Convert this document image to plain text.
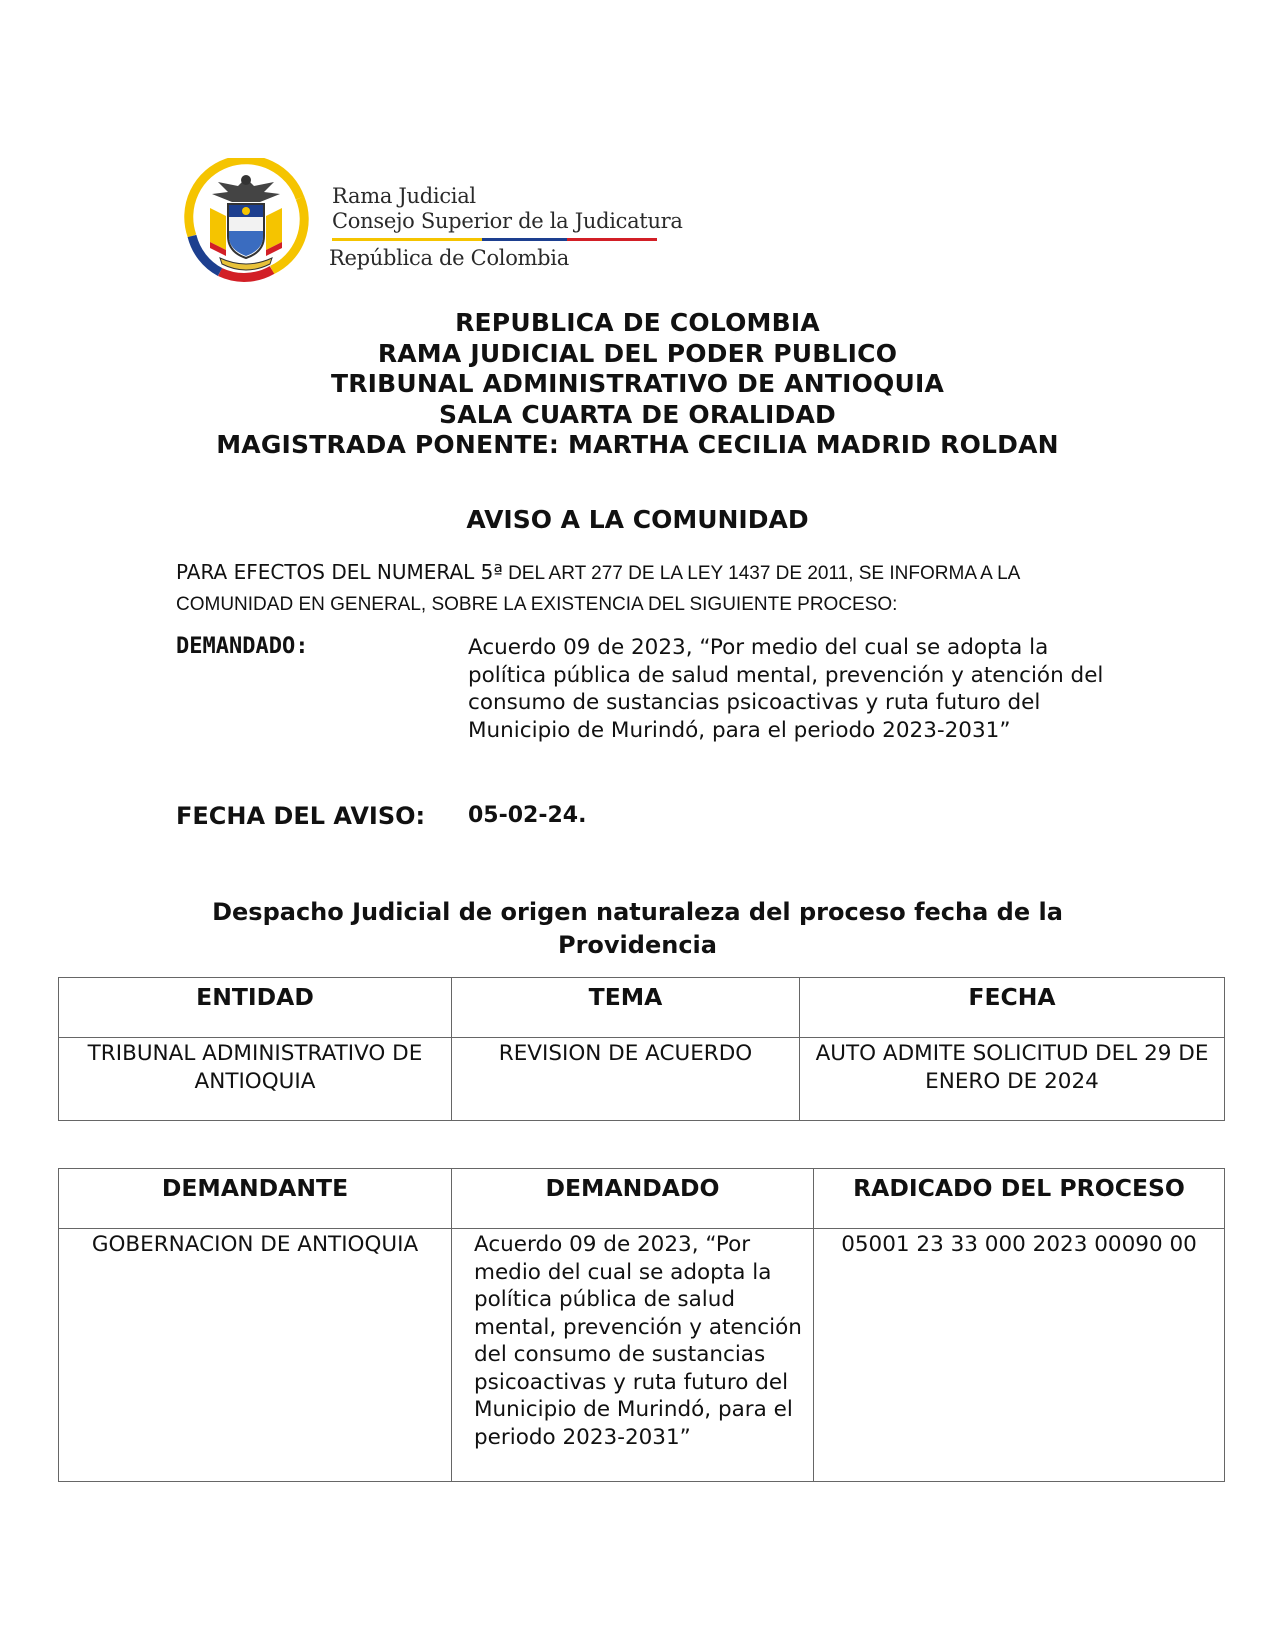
Rama Judicial
Consejo Superior de la Judicatura
República de Colombia
REPUBLICA DE COLOMBIA
RAMA JUDICIAL DEL PODER PUBLICO
TRIBUNAL ADMINISTRATIVO DE ANTIOQUIA
SALA CUARTA DE ORALIDAD
MAGISTRADA PONENTE: MARTHA CECILIA MADRID ROLDAN
AVISO A LA COMUNIDAD
PARA EFECTOS DEL NUMERAL 5ª DEL ART 277 DE LA LEY 1437 DE 2011, SE INFORMA A LA
COMUNIDAD EN GENERAL, SOBRE LA EXISTENCIA DEL SIGUIENTE PROCESO:
DEMANDADO:	Acuerdo 09 de 2023, “Por medio del cual se adopta la política pública de salud mental, prevención y atención del consumo de sustancias psicoactivas y ruta futuro del Municipio de Murindó, para el periodo 2023-2031”
FECHA DEL AVISO: 05-02-24.
Despacho Judicial de origen naturaleza del proceso fecha de la
Providencia
ENTIDAD	TEMA	FECHA
TRIBUNAL ADMINISTRATIVO DE ANTIOQUIA	REVISION DE ACUERDO	AUTO ADMITE SOLICITUD DEL 29 DE ENERO DE 2024
DEMANDANTE	DEMANDADO	RADICADO DEL PROCESO
GOBERNACION DE ANTIOQUIA	Acuerdo 09 de 2023, “Por medio del cual se adopta la política pública de salud mental, prevención y atención del consumo de sustancias psicoactivas y ruta futuro del Municipio de Murindó, para el periodo 2023-2031”	05001 23 33 000 2023 00090 00
